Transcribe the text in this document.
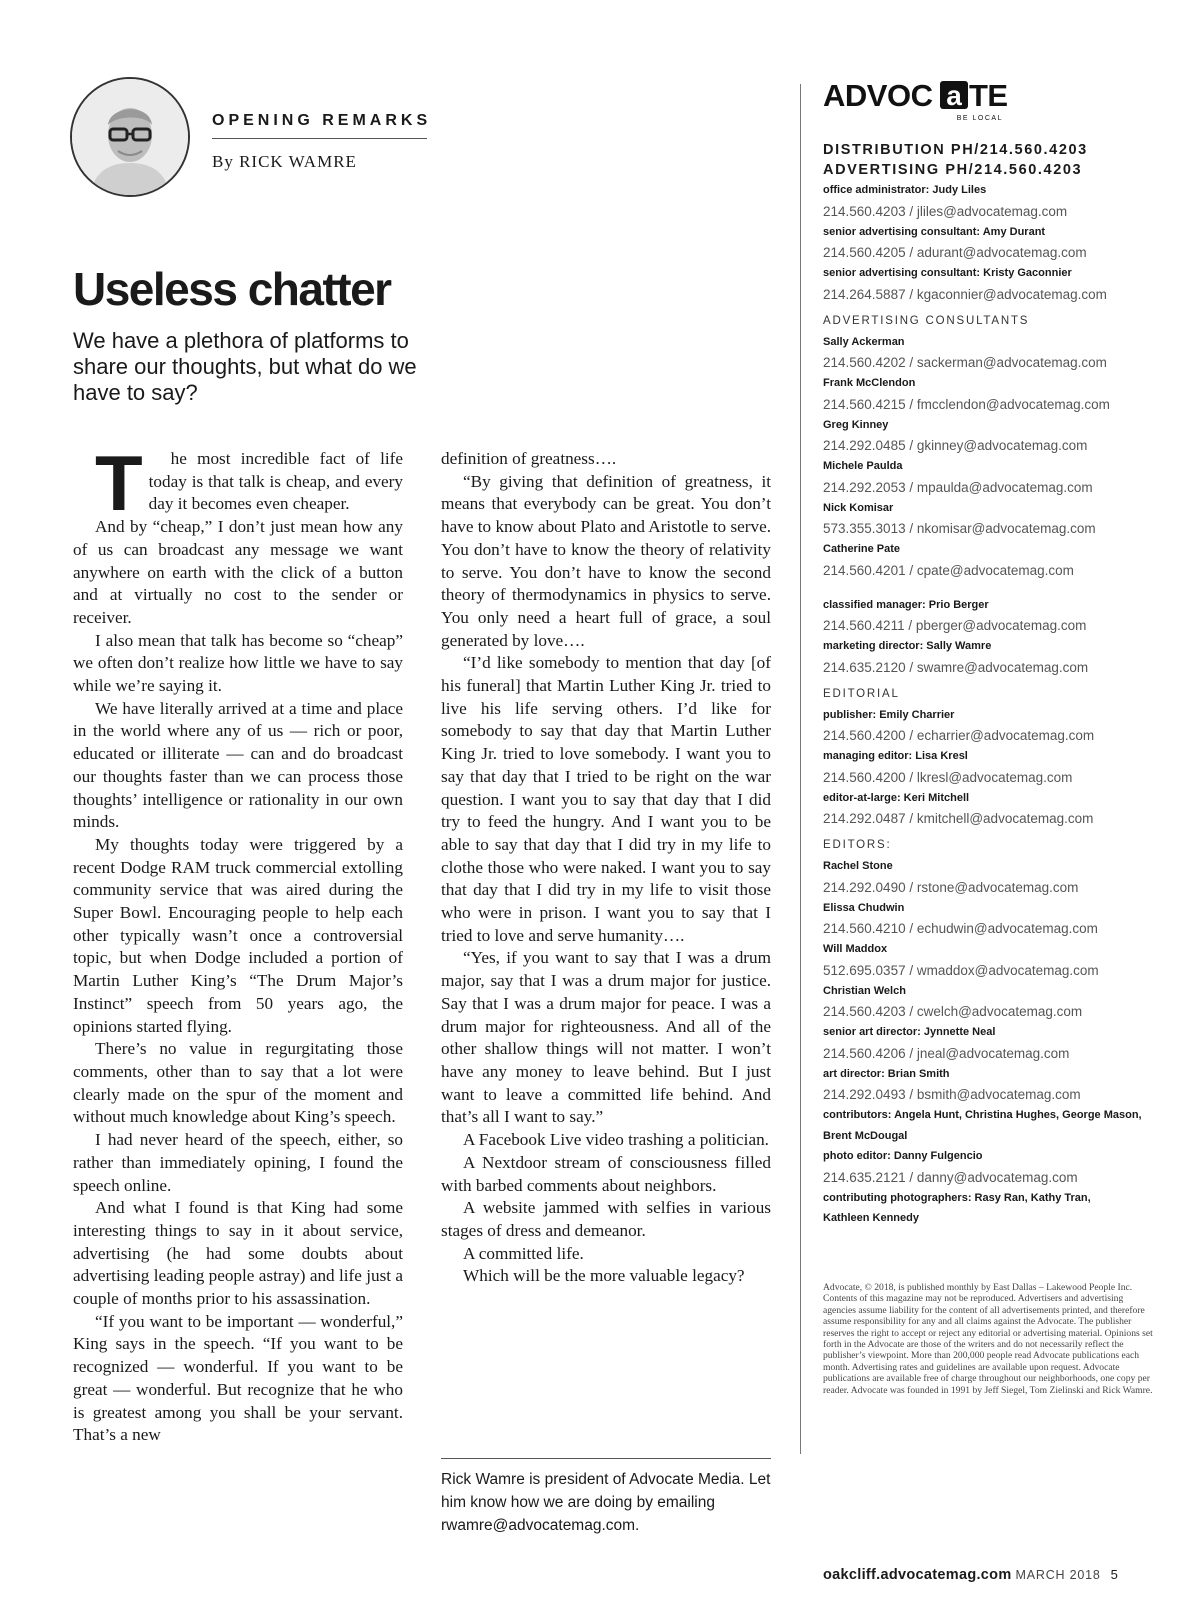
OPENING REMARKS
By RICK WAMRE
Useless chatter
We have a plethora of platforms to share our thoughts, but what do we have to say?

T he most incredible fact of life today is that talk is cheap, and every day it becomes even cheaper.

And by “cheap,” I don’t just mean how any of us can broadcast any message we want anywhere on earth with the click of a button and at virtually no cost to the sender or receiver.

I also mean that talk has become so “cheap” we often don’t realize how little we have to say while we’re saying it.

We have literally arrived at a time and place in the world where any of us — rich or poor, educated or illiterate — can and do broadcast our thoughts faster than we can process those thoughts’ intelligence or rationality in our own minds.

My thoughts today were triggered by a recent Dodge RAM truck commercial extolling community service that was aired during the Super Bowl. Encouraging people to help each other typically wasn’t once a controversial topic, but when Dodge included a portion of Martin Luther King’s “The Drum Major’s Instinct” speech from 50 years ago, the opinions started flying.

There’s no value in regurgitating those comments, other than to say that a lot were clearly made on the spur of the moment and without much knowledge about King’s speech.

I had never heard of the speech, either, so rather than immediately opining, I found the speech online.

And what I found is that King had some interesting things to say in it about service, advertising (he had some doubts about advertising leading people astray) and life just a couple of months prior to his assassination.

“If you want to be important — wonderful,” King says in the speech. “If you want to be recognized — wonderful. If you want to be great — wonderful. But recognize that he who is greatest among you shall be your servant. That’s a new

definition of greatness….

“By giving that definition of greatness, it means that everybody can be great. You don’t have to know about Plato and Aristotle to serve. You don’t have to know the theory of relativity to serve. You don’t have to know the second theory of thermodynamics in physics to serve. You only need a heart full of grace, a soul generated by love….

“I’d like somebody to mention that day [of his funeral] that Martin Luther King Jr. tried to live his life serving others. I’d like for somebody to say that day that Martin Luther King Jr. tried to love somebody. I want you to say that day that I tried to be right on the war question. I want you to say that day that I did try to feed the hungry. And I want you to be able to say that day that I did try in my life to clothe those who were naked. I want you to say that day that I did try in my life to visit those who were in prison. I want you to say that I tried to love and serve humanity….

“Yes, if you want to say that I was a drum major, say that I was a drum major for justice. Say that I was a drum major for peace. I was a drum major for righteousness. And all of the other shallow things will not matter. I won’t have any money to leave behind. But I just want to leave a committed life behind. And that’s all I want to say.”

A Facebook Live video trashing a politician.

A Nextdoor stream of consciousness filled with barbed comments about neighbors.

A website jammed with selfies in various stages of dress and demeanor.

A committed life.

Which will be the more valuable legacy?

Rick Wamre is president of Advocate Media. Let him know how we are doing by emailing rwamre@advocatemag.com.
ADVOC a TE
BE LOCAL
DISTRIBUTION PH/214.560.4203
ADVERTISING PH/214.560.4203
office administrator: Judy Liles
214.560.4203 / jliles@advocatemag.com
senior advertising consultant: Amy Durant
214.560.4205 / adurant@advocatemag.com
senior advertising consultant: Kristy Gaconnier
214.264.5887 / kgaconnier@advocatemag.com
ADVERTISING CONSULTANTS
Sally Ackerman
214.560.4202 / sackerman@advocatemag.com
Frank McClendon
214.560.4215 / fmcclendon@advocatemag.com
Greg Kinney
214.292.0485 / gkinney@advocatemag.com
Michele Paulda
214.292.2053 / mpaulda@advocatemag.com
Nick Komisar
573.355.3013 / nkomisar@advocatemag.com
Catherine Pate
214.560.4201 / cpate@advocatemag.com
classified manager: Prio Berger
214.560.4211 / pberger@advocatemag.com
marketing director: Sally Wamre
214.635.2120 / swamre@advocatemag.com
EDITORIAL
publisher: Emily Charrier
214.560.4200 / echarrier@advocatemag.com
managing editor: Lisa Kresl
214.560.4200 / lkresl@advocatemag.com
editor-at-large: Keri Mitchell
214.292.0487 / kmitchell@advocatemag.com
EDITORS:
Rachel Stone
214.292.0490 / rstone@advocatemag.com
Elissa Chudwin
214.560.4210 / echudwin@advocatemag.com
Will Maddox
512.695.0357 / wmaddox@advocatemag.com
Christian Welch
214.560.4203 / cwelch@advocatemag.com
senior art director: Jynnette Neal
214.560.4206 / jneal@advocatemag.com
art director: Brian Smith
214.292.0493 / bsmith@advocatemag.com
contributors: Angela Hunt, Christina Hughes, George Mason,
Brent McDougal
photo editor: Danny Fulgencio
214.635.2121 / danny@advocatemag.com
contributing photographers: Rasy Ran, Kathy Tran,
Kathleen Kennedy
Advocate, © 2018, is published monthly by East Dallas – Lakewood People Inc. Contents of this magazine may not be reproduced. Advertisers and advertising agencies assume liability for the content of all advertisements printed, and therefore assume responsibility for any and all claims against the Advocate. The publisher reserves the right to accept or reject any editorial or advertising material. Opinions set forth in the Advocate are those of the writers and do not necessarily reflect the publisher’s viewpoint. More than 200,000 people read Advocate publications each month. Advertising rates and guidelines are available upon request. Advocate publications are available free of charge throughout our neighborhoods, one copy per reader. Advocate was founded in 1991 by Jeff Siegel, Tom Zielinski and Rick Wamre.
oakcliff.advocatemag.com MARCH 2018 5
